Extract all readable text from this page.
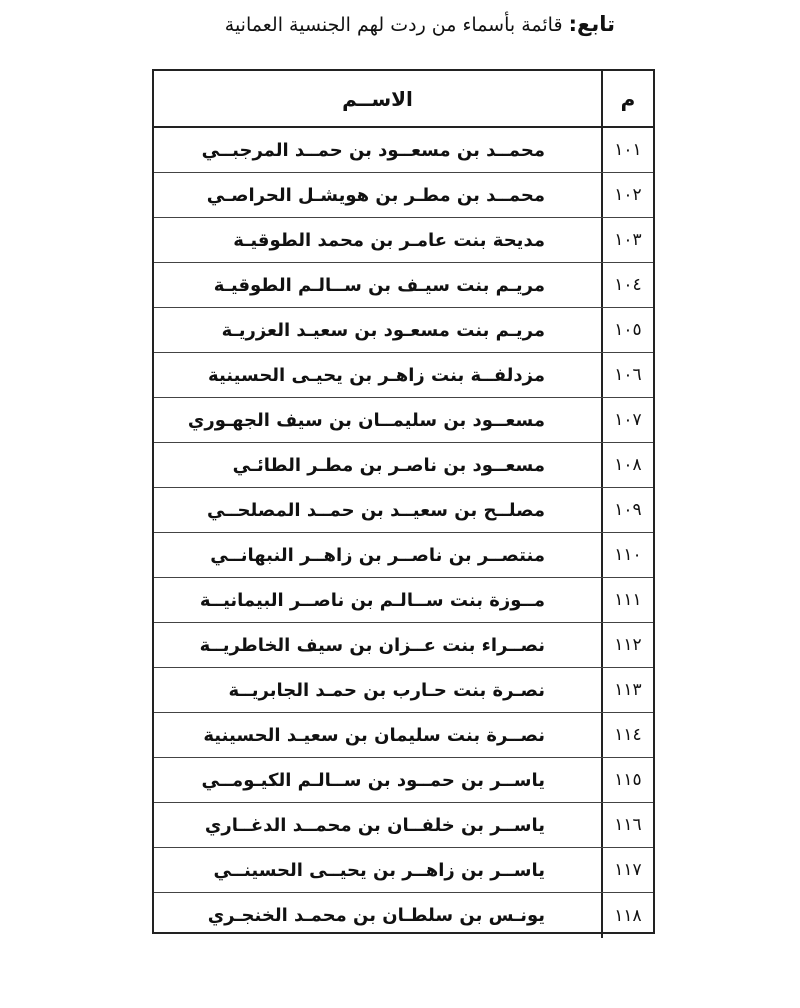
تابع: قائمة بأسماء من ردت لهم الجنسية العمانية
م
الاســم
١٠١
محمــد بن مسعــود بن حمــد المرجبــي
١٠٢
محمــد بن مطـر بن هويشـل الحراصـي
١٠٣
مديحة بنت عامـر بن محمد الطوقيـة
١٠٤
مريـم بنت سيـف بن ســالـم الطوقيـة
١٠٥
مريـم بنت مسعـود بن سعيـد العزريـة
١٠٦
مزدلفــة بنت زاهـر بن يحيـى الحسينية
١٠٧
مسعــود بن سليمــان بن سيف الجهـوري
١٠٨
مسعــود بن ناصـر بن مطـر الطائـي
١٠٩
مصلــح بن سعيــد بن حمــد المصلحــي
١١٠
منتصــر بن ناصــر بن زاهــر النبهانــي
١١١
مــوزة بنت ســالـم بن ناصــر البيمانيــة
١١٢
نصــراء بنت عــزان بن سيف الخاطريــة
١١٣
نصـرة بنت حـارب بن حمـد الجابريــة
١١٤
نصــرة بنت سليمان بن سعيـد الحسينية
١١٥
ياســر بن حمــود بن ســالـم الكيـومــي
١١٦
ياســر بن خلفــان بن محمــد الدغــاري
١١٧
ياســر بن زاهــر بن يحيــى الحسينــي
١١٨
يونـس بن سلطـان بن محمـد الخنجـري
